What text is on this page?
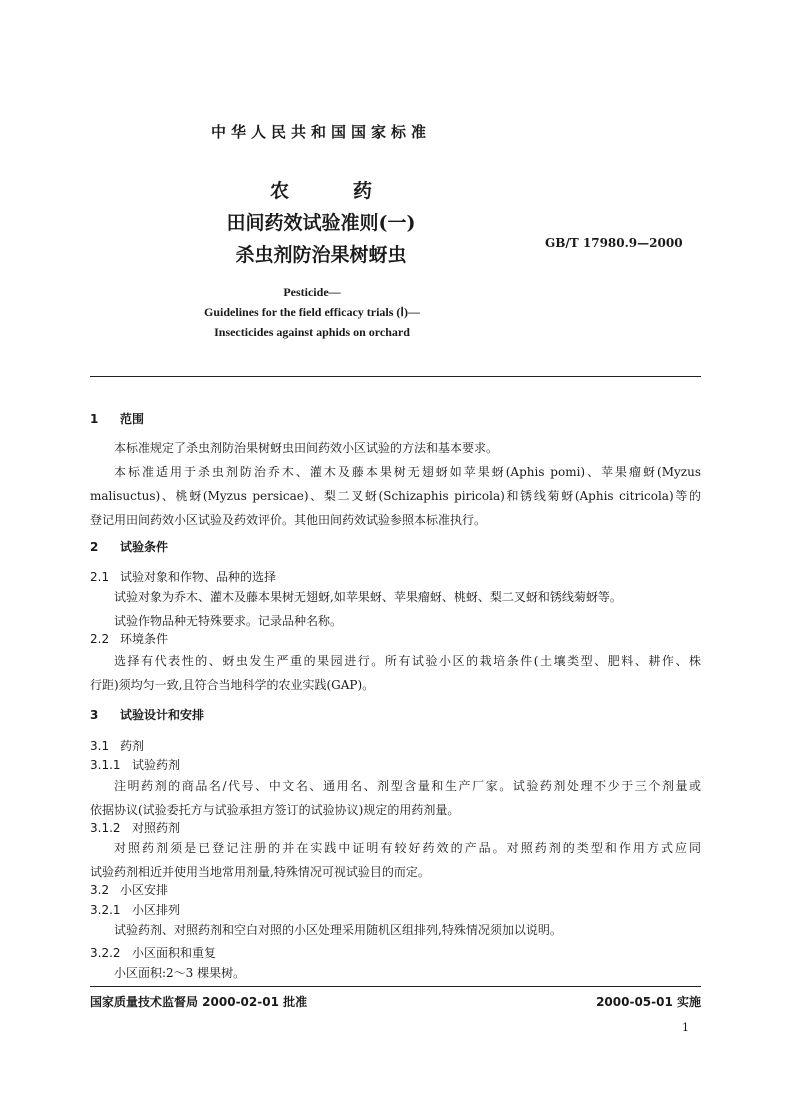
中华人民共和国国家标准
农	药
田间药效试验准则(一)
杀虫剂防治果树蚜虫
GB/T 17980.9—2000
Pesticide—
Guidelines for the field efficacy trials (Ⅰ)—
Insecticides against aphids on orchard
1 范围

本标准规定了杀虫剂防治果树蚜虫田间药效小区试验的方法和基本要求。

本标准适用于杀虫剂防治乔木、灌木及藤本果树无翅蚜如苹果蚜(Aphis pomi)、苹果瘤蚜(Myzus
malisuctus)、桃蚜(Myzus persicae)、梨二叉蚜(Schizaphis piricola)和锈线菊蚜(Aphis citricola)等的
登记用田间药效小区试验及药效评价。其他田间药效试验参照本标准执行。
2 试验条件
2.1 试验对象和作物、品种的选择

试验对象为乔木、灌木及藤本果树无翅蚜,如苹果蚜、苹果瘤蚜、桃蚜、梨二叉蚜和锈线菊蚜等。

试验作物品种无特殊要求。记录品种名称。

2.2 环境条件
选择有代表性的、蚜虫发生严重的果园进行。所有试验小区的栽培条件(土壤类型、肥料、耕作、株
行距)须均匀一致,且符合当地科学的农业实践(GAP)。
3 试验设计和安排
3.1 药剂
3.1.1 试验药剂
注明药剂的商品名/代号、中文名、通用名、剂型含量和生产厂家。试验药剂处理不少于三个剂量或
依据协议(试验委托方与试验承担方签订的试验协议)规定的用药剂量。
3.1.2 对照药剂
对照药剂须是已登记注册的并在实践中证明有较好药效的产品。对照药剂的类型和作用方式应同
试验药剂相近并使用当地常用剂量,特殊情况可视试验目的而定。
3.2 小区安排
3.2.1 小区排列

试验药剂、对照药剂和空白对照的小区处理采用随机区组排列,特殊情况须加以说明。

3.2.2 小区面积和重复

小区面积:2～3 棵果树。

国家质量技术监督局 2000-02-01 批准	2000-05-01 实施
1
